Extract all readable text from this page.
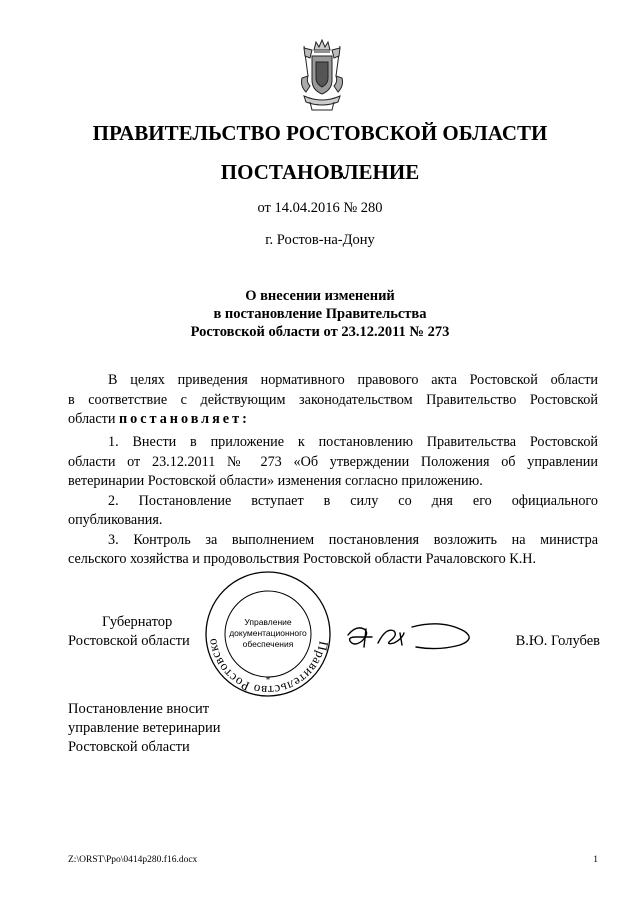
ПРАВИТЕЛЬСТВО РОСТОВСКОЙ ОБЛАСТИ
ПОСТАНОВЛЕНИЕ
от 14.04.2016 № 280
г. Ростов-на-Дону
О внесении изменений
в постановление Правительства
Ростовской области от 23.12.2011 № 273
В целях приведения нормативного правового акта Ростовской области
в соответствие с действующим законодательством Правительство Ростовской
области постановляет:
1. Внести в приложение к постановлению Правительства Ростовской
области от 23.12.2011 № 273 «Об утверждении Положения об управлении
ветеринарии Ростовской области» изменения согласно приложению.
2. Постановление вступает в силу со дня его официального
опубликования.
3. Контроль за выполнением постановления возложить на министра
сельского хозяйства и продовольствия Ростовской области Рачаловского К.Н.
Губернатор
Ростовской области	Правительство Ростовско
Управление
документационного
обеспечения
*
В.Ю. Голубев
Постановление вносит
управление ветеринарии
Ростовской области
Z:\ORST\Ppo\0414p280.f16.docx	1
